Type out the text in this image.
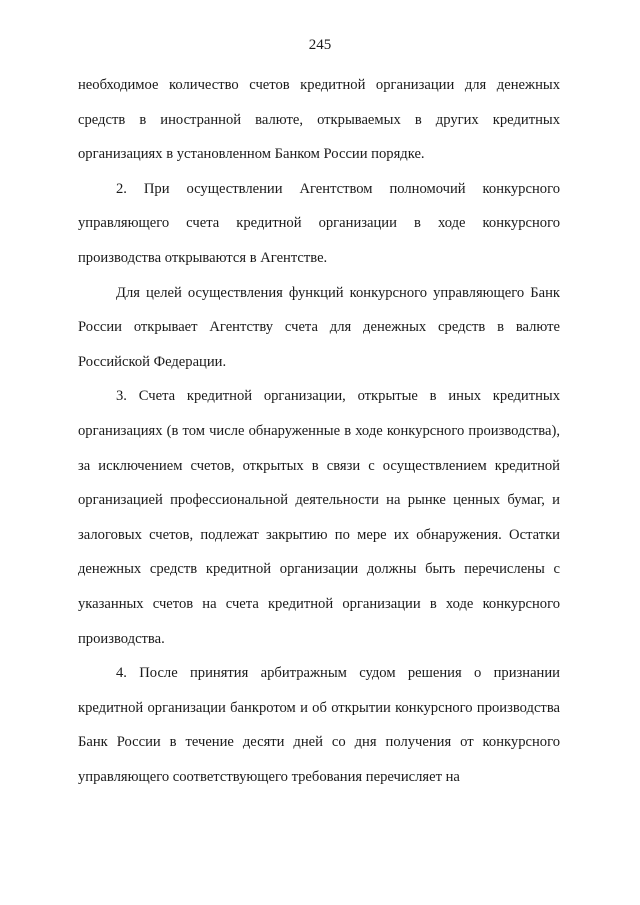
245

необходимое количество счетов кредитной организации для денежных средств в иностранной валюте, открываемых в других кредитных организациях в установленном Банком России порядке.

2. При осуществлении Агентством полномочий конкурсного управляющего счета кредитной организации в ходе конкурсного производства открываются в Агентстве.

Для целей осуществления функций конкурсного управляющего Банк России открывает Агентству счета для денежных средств в валюте Российской Федерации.

3. Счета кредитной организации, открытые в иных кредитных организациях (в том числе обнаруженные в ходе конкурсного производства), за исключением счетов, открытых в связи с осуществлением кредитной организацией профессиональной деятельности на рынке ценных бумаг, и залоговых счетов, подлежат закрытию по мере их обнаружения. Остатки денежных средств кредитной организации должны быть перечислены с указанных счетов на счета кредитной организации в ходе конкурсного производства.

4. После принятия арбитражным судом решения о признании кредитной организации банкротом и об открытии конкурсного производства Банк России в течение десяти дней со дня получения от конкурсного управляющего соответствующего требования перечисляет на
